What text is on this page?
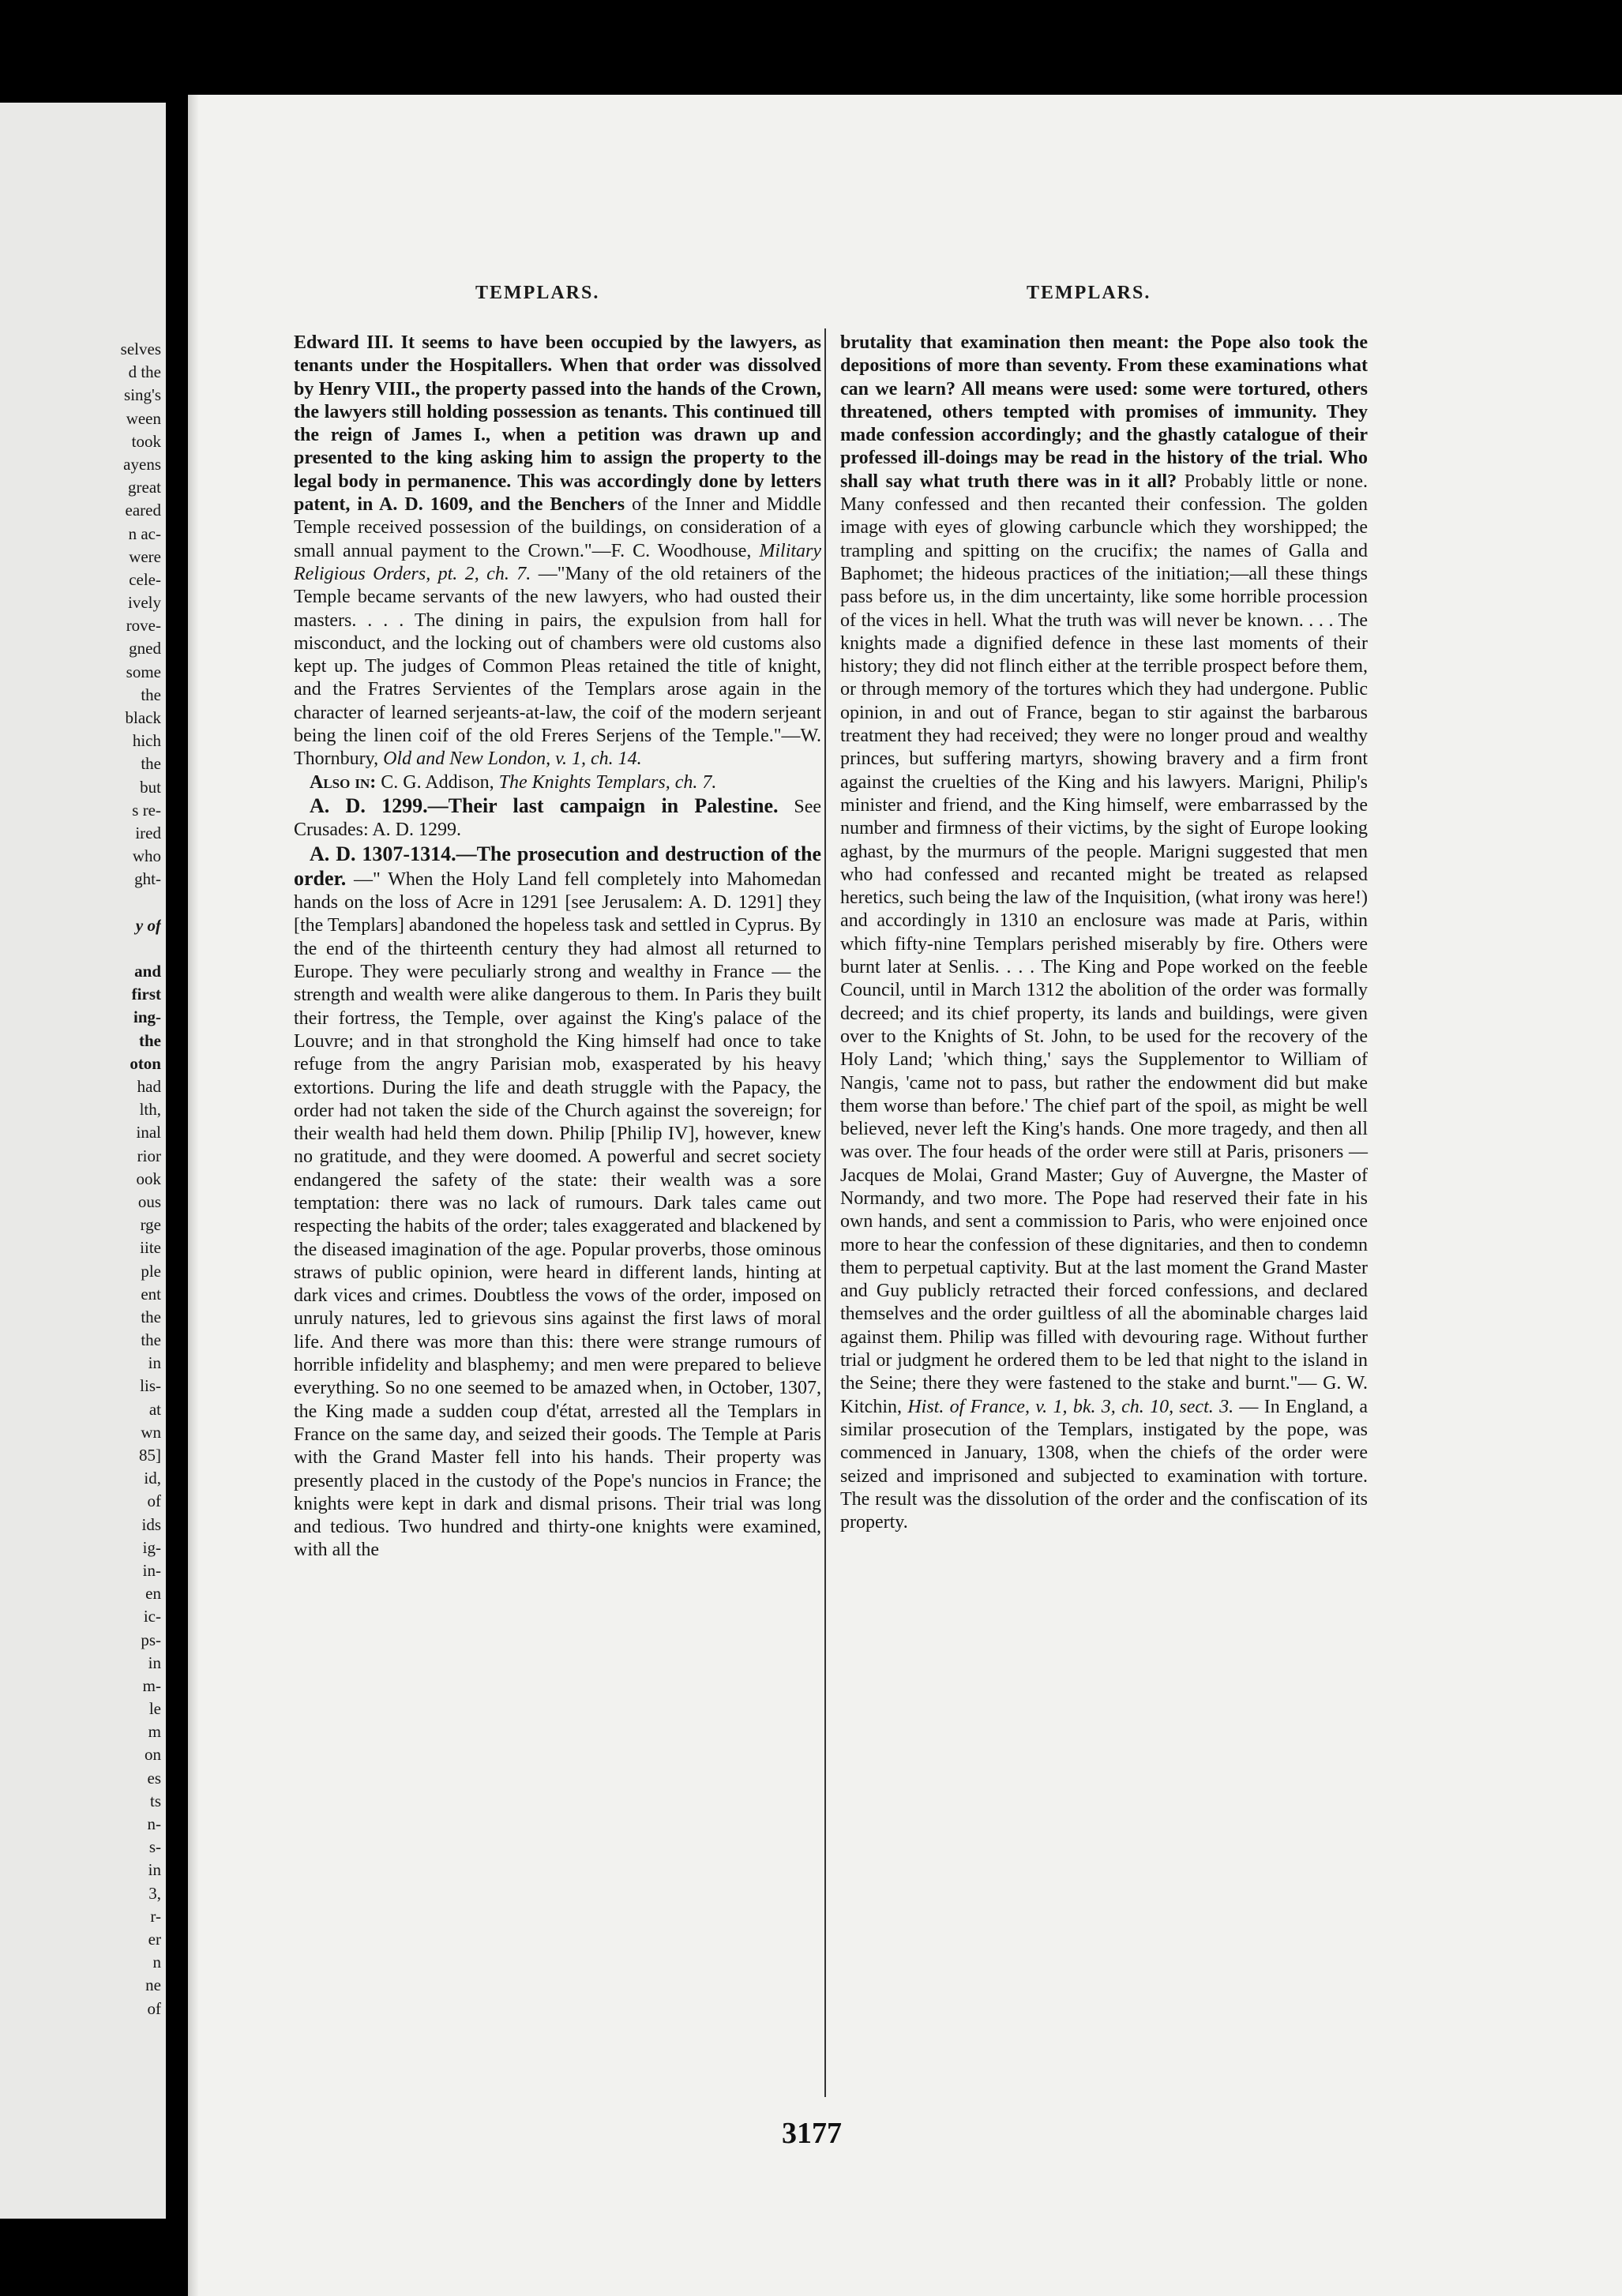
selves
d the
sing's
ween
took
ayens
great
eared
n ac-
were
cele-
ively
rove-
gned
some
the
black
hich
the
but
s re-
ired
who
ght-

y of

and
first
ing-
the
oton
had
lth,
inal
rior
ook
ous
rge
iite
ple
ent
the
the
in
lis-
at
wn
85]
id,
of
ids
ig-
in-
en
ic-
ps-
in
m-
le
m
on
es
ts
n-
s-
in
3,
r-
er
n
ne
of
TEMPLARS.	TEMPLARS.

Edward III. It seems to have been occupied by the lawyers, as tenants under the Hospitallers. When that order was dissolved by Henry VIII., the property passed into the hands of the Crown, the lawyers still holding possession as tenants. This continued till the reign of James I., when a petition was drawn up and presented to the king asking him to assign the property to the legal body in permanence. This was accordingly done by letters patent, in A. D. 1609, and the Benchers of the Inner and Middle Temple received possession of the buildings, on consideration of a small annual payment to the Crown."—F. C. Woodhouse, Military Religious Orders, pt. 2, ch. 7. —"Many of the old retainers of the Temple became servants of the new lawyers, who had ousted their masters. . . . The dining in pairs, the expulsion from hall for misconduct, and the locking out of chambers were old customs also kept up. The judges of Common Pleas retained the title of knight, and the Fratres Servientes of the Templars arose again in the character of learned serjeants-at-law, the coif of the modern serjeant being the linen coif of the old Freres Serjens of the Temple."—W. Thornbury, Old and New London, v. 1, ch. 14.

Also in: C. G. Addison, The Knights Templars, ch. 7.

A. D. 1299.—Their last campaign in Palestine. See Crusades: A. D. 1299.

A. D. 1307-1314.—The prosecution and destruction of the order. —" When the Holy Land fell completely into Mahomedan hands on the loss of Acre in 1291 [see Jerusalem: A. D. 1291] they [the Templars] abandoned the hopeless task and settled in Cyprus. By the end of the thirteenth century they had almost all returned to Europe. They were peculiarly strong and wealthy in France — the strength and wealth were alike dangerous to them. In Paris they built their fortress, the Temple, over against the King's palace of the Louvre; and in that stronghold the King himself had once to take refuge from the angry Parisian mob, exasperated by his heavy extortions. During the life and death struggle with the Papacy, the order had not taken the side of the Church against the sovereign; for their wealth had held them down. Philip [Philip IV], however, knew no gratitude, and they were doomed. A powerful and secret society endangered the safety of the state: their wealth was a sore temptation: there was no lack of rumours. Dark tales came out respecting the habits of the order; tales exaggerated and blackened by the diseased imagination of the age. Popular proverbs, those ominous straws of public opinion, were heard in different lands, hinting at dark vices and crimes. Doubtless the vows of the order, imposed on unruly natures, led to grievous sins against the first laws of moral life. And there was more than this: there were strange rumours of horrible infidelity and blasphemy; and men were prepared to believe everything. So no one seemed to be amazed when, in October, 1307, the King made a sudden coup d'état, arrested all the Templars in France on the same day, and seized their goods. The Temple at Paris with the Grand Master fell into his hands. Their property was presently placed in the custody of the Pope's nuncios in France; the knights were kept in dark and dismal prisons. Their trial was long and tedious. Two hundred and thirty-one knights were examined, with all the

brutality that examination then meant: the Pope also took the depositions of more than seventy. From these examinations what can we learn? All means were used: some were tortured, others threatened, others tempted with promises of immunity. They made confession accordingly; and the ghastly catalogue of their professed ill-doings may be read in the history of the trial. Who shall say what truth there was in it all? Probably little or none. Many confessed and then recanted their confession. The golden image with eyes of glowing carbuncle which they worshipped; the trampling and spitting on the crucifix; the names of Galla and Baphomet; the hideous practices of the initiation;—all these things pass before us, in the dim uncertainty, like some horrible procession of the vices in hell. What the truth was will never be known. . . . The knights made a dignified defence in these last moments of their history; they did not flinch either at the terrible prospect before them, or through memory of the tortures which they had undergone. Public opinion, in and out of France, began to stir against the barbarous treatment they had received; they were no longer proud and wealthy princes, but suffering martyrs, showing bravery and a firm front against the cruelties of the King and his lawyers. Marigni, Philip's minister and friend, and the King himself, were embarrassed by the number and firmness of their victims, by the sight of Europe looking aghast, by the murmurs of the people. Marigni suggested that men who had confessed and recanted might be treated as relapsed heretics, such being the law of the Inquisition, (what irony was here!) and accordingly in 1310 an enclosure was made at Paris, within which fifty-nine Templars perished miserably by fire. Others were burnt later at Senlis. . . . The King and Pope worked on the feeble Council, until in March 1312 the abolition of the order was formally decreed; and its chief property, its lands and buildings, were given over to the Knights of St. John, to be used for the recovery of the Holy Land; 'which thing,' says the Supplementor to William of Nangis, 'came not to pass, but rather the endowment did but make them worse than before.' The chief part of the spoil, as might be well believed, never left the King's hands. One more tragedy, and then all was over. The four heads of the order were still at Paris, prisoners —Jacques de Molai, Grand Master; Guy of Auvergne, the Master of Normandy, and two more. The Pope had reserved their fate in his own hands, and sent a commission to Paris, who were enjoined once more to hear the confession of these dignitaries, and then to condemn them to perpetual captivity. But at the last moment the Grand Master and Guy publicly retracted their forced confessions, and declared themselves and the order guiltless of all the abominable charges laid against them. Philip was filled with devouring rage. Without further trial or judgment he ordered them to be led that night to the island in the Seine; there they were fastened to the stake and burnt."— G. W. Kitchin, Hist. of France, v. 1, bk. 3, ch. 10, sect. 3. — In England, a similar prosecution of the Templars, instigated by the pope, was commenced in January, 1308, when the chiefs of the order were seized and imprisoned and subjected to examination with torture. The result was the dissolution of the order and the confiscation of its property.

3177
